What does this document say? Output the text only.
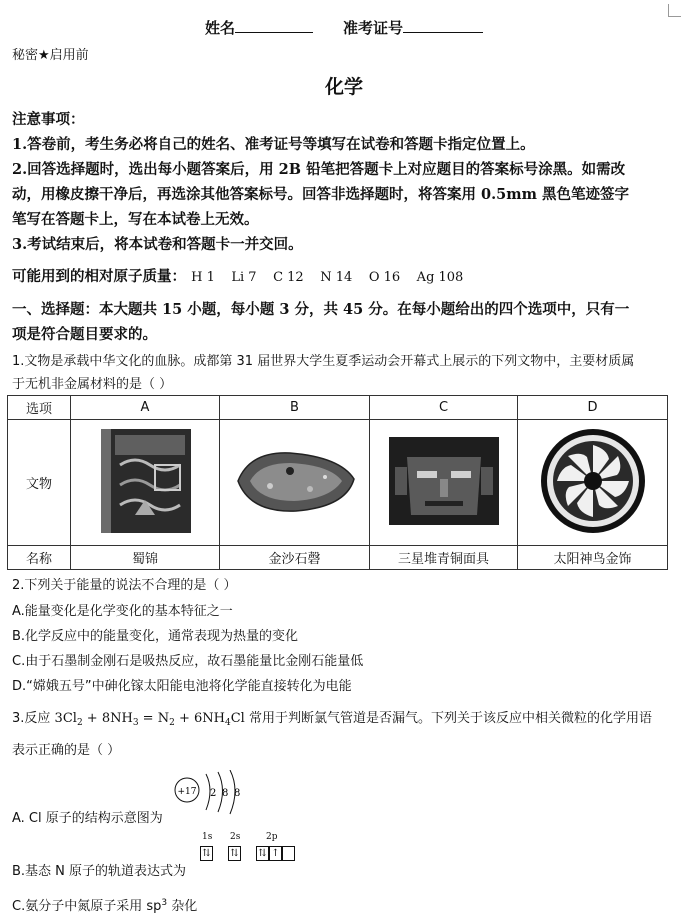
姓名	准考证号
秘密★启用前
化学
注意事项：
1.答卷前，考生务必将自己的姓名、准考证号等填写在试卷和答题卡指定位置上。
2.回答选择题时，选出每小题答案后，用 2B 铅笔把答题卡上对应题目的答案标号涂黑。如需改
动，用橡皮擦干净后，再选涂其他答案标号。回答非选择题时，将答案用 0.5mm 黑色笔迹签字
笔写在答题卡上，写在本试卷上无效。
3.考试结束后，将本试卷和答题卡一并交回。
可能用到的相对原子质量： H 1    Li 7    C 12    N 14    O 16    Ag 108
一、选择题：本大题共 15 小题，每小题 3 分，共 45 分。在每小题给出的四个选项中，只有一
项是符合题目要求的。
1.文物是承载中华文化的血脉。成都第 31 届世界大学生夏季运动会开幕式上展示的下列文物中，主要材质属
于无机非金属材料的是（ ）
选项	A	B	C	D
文物				
名称	蜀锦	金沙石磬	三星堆青铜面具	太阳神鸟金饰
2.下列关于能量的说法不合理的是（ ）
A.能量变化是化学变化的基本特征之一
B.化学反应中的能量变化，通常表现为热量的变化
C.由于石墨制金刚石是吸热反应，故石墨能量比金刚石能量低
D.“嫦娥五号”中砷化镓太阳能电池将化学能直接转化为电能
3.反应 $3Cl_2 + 8NH_3 = N_2 + 6NH_4Cl$ 常用于判断氯气管道是否漏气。下列关于该反应中相关微粒的化学用语
表示正确的是（ ）
+17 2 8 8
A. Cl 原子的结构示意图为
1s 2s	2p
⇅ ⇅ ⇅ ↑
B.基态 N 原子的轨道表达式为
C.氨分子中氮原子采用 $sp^3$ 杂化
